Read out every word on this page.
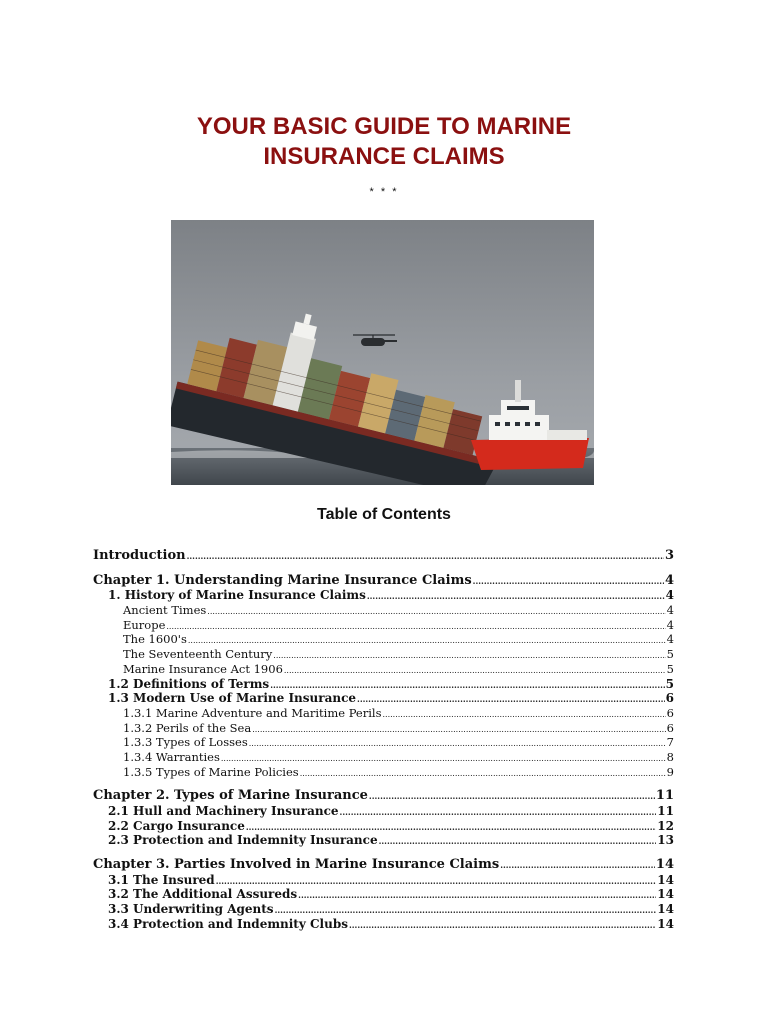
YOUR BASIC GUIDE TO MARINE
INSURANCE CLAIMS
* * *
Table of Contents
Introduction .....	3
Chapter 1. Understanding Marine Insurance Claims .....	4
1. History of Marine Insurance Claims .....	4
Ancient Times .....	4
Europe .....	4
The 1600's .....	4
The Seventeenth Century .....	5
Marine Insurance Act 1906 .....	5
1.2 Definitions of Terms .....	5
1.3 Modern Use of Marine Insurance .....	6
1.3.1 Marine Adventure and Maritime Perils .....	6
1.3.2 Perils of the Sea .....	6
1.3.3 Types of Losses .....	7
1.3.4 Warranties .....	8
1.3.5 Types of Marine Policies .....	9
Chapter 2. Types of Marine Insurance .....	11
2.1 Hull and Machinery Insurance .....	11
2.2 Cargo Insurance .....	12
2.3 Protection and Indemnity Insurance .....	13
Chapter 3. Parties Involved in Marine Insurance Claims .....	14
3.1 The Insured .....	14
3.2 The Additional Assureds .....	14
3.3 Underwriting Agents .....	14
3.4 Protection and Indemnity Clubs .....	14
